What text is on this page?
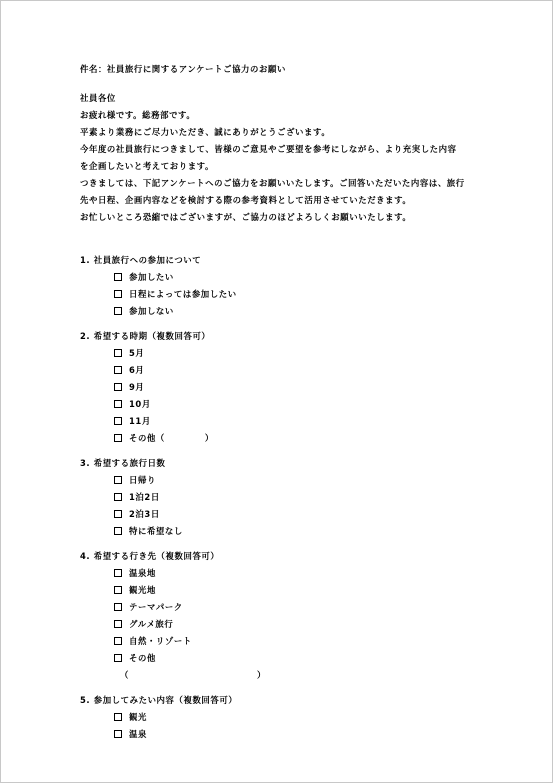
件名：社員旅行に関するアンケートご協力のお願い
社員各位
お疲れ様です。総務部です。
平素より業務にご尽力いただき、誠にありがとうございます。
今年度の社員旅行につきまして、皆様のご意見やご要望を参考にしながら、より充実した内容
を企画したいと考えております。
つきましては、下記アンケートへのご協力をお願いいたします。ご回答いただいた内容は、旅行
先や日程、企画内容などを検討する際の参考資料として活用させていただきます。
お忙しいところ恐縮ではございますが、ご協力のほどよろしくお願いいたします。
1. 社員旅行への参加について
参加したい
日程によっては参加したい
参加しない
2. 希望する時期（複数回答可）
5月
6月
9月
10月
11月
その他（	）
3. 希望する旅行日数
日帰り
1泊2日
2泊3日
特に希望なし
4. 希望する行き先（複数回答可）
温泉地
観光地
テーマパーク
グルメ旅行
自然・リゾート
その他
（	）
5. 参加してみたい内容（複数回答可）
観光
温泉
